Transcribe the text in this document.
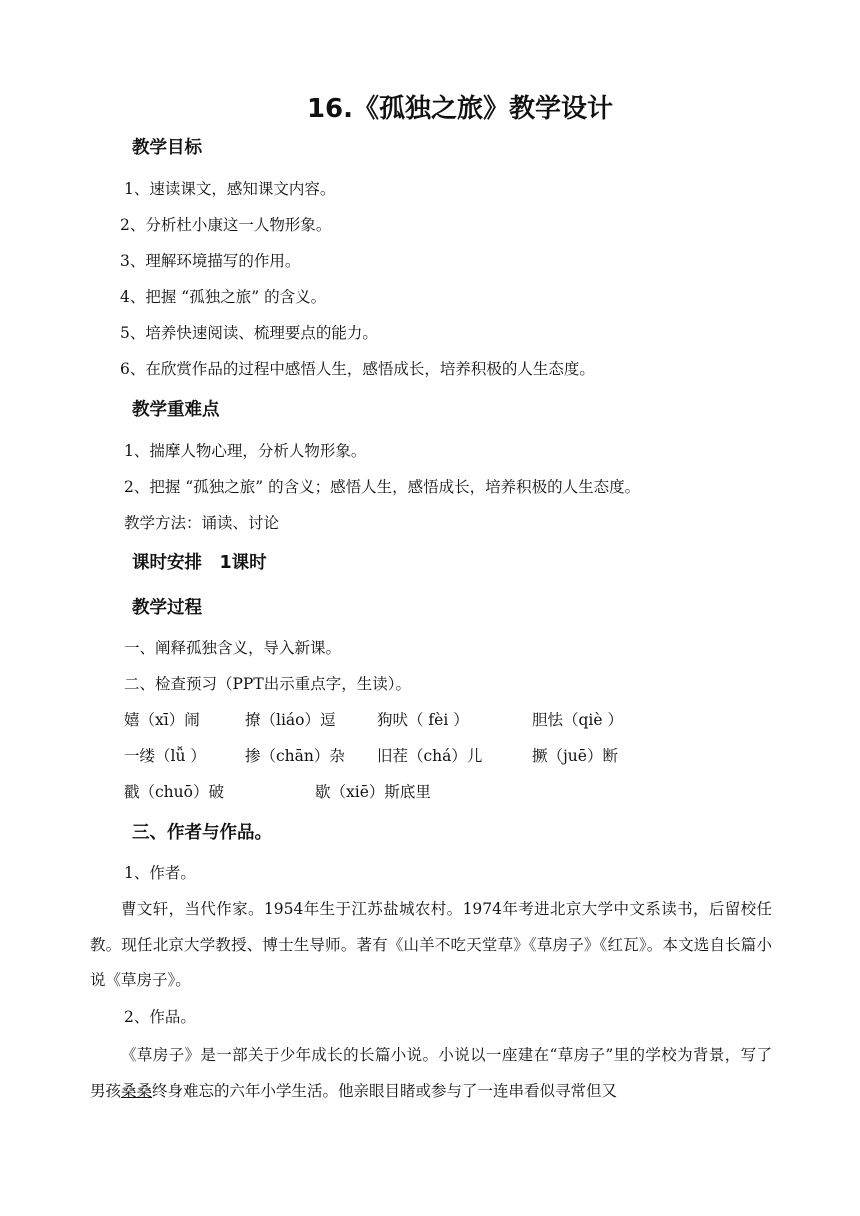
16.《孤独之旅》教学设计
教学目标
1、速读课文，感知课文内容。
2、分析杜小康这一人物形象。
3、理解环境描写的作用。
4、把握 “孤独之旅” 的含义。
5、培养快速阅读、梳理要点的能力。
6、在欣赏作品的过程中感悟人生，感悟成长，培养积极的人生态度。
教学重难点
1、揣摩人物心理，分析人物形象。
2、把握 “孤独之旅” 的含义；感悟人生，感悟成长，培养积极的人生态度。
教学方法：诵读、讨论
课时安排　1课时
教学过程
一、阐释孤独含义，导入新课。
二、检查预习（PPT出示重点字，生读）。
嬉（xī）闹	撩（liáo）逗	狗吠（ fèi ）	胆怯（qiè ）
一缕（lǚ ）	掺（chān）杂 旧茬（chá）儿	撅（juē）断
戳（chuō）破	歇（xiē）斯底里
三、作者与作品。
1、作者。
曹文轩，当代作家。1954年生于江苏盐城农村。1974年考进北京大学中文系读书，后留校任教。现任北京大学教授、博士生导师。著有《山羊不吃天堂草》《草房子》《红瓦》。本文选自长篇小说《草房子》。
2、作品。
《草房子》是一部关于少年成长的长篇小说。小说以一座建在“草房子”里的学校为背景，写了男孩桑桑终身难忘的六年小学生活。他亲眼目睹或参与了一连串看似寻常但又
